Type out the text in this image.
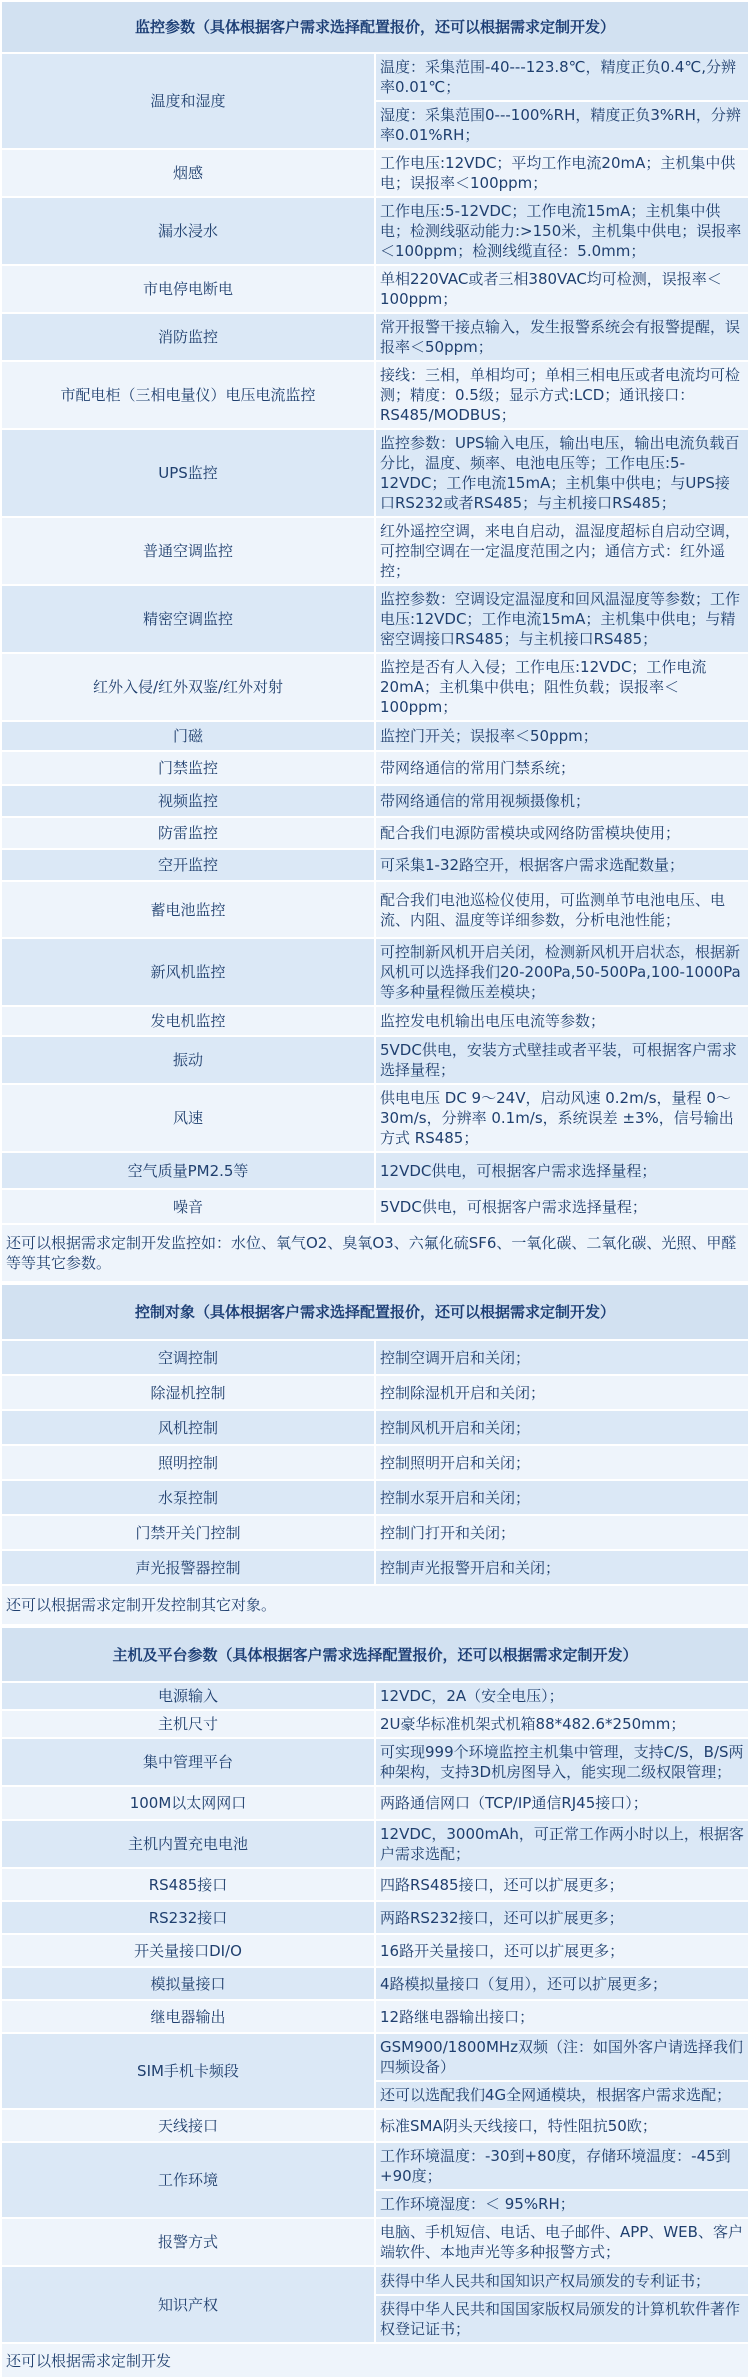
监控参数（具体根据客户需求选择配置报价，还可以根据需求定制开发）	
温度和湿度	温度：采集范围-40---123.8℃，精度正负0.4℃,分辨率0.01℃；
	湿度：采集范围0---100%RH，精度正负3%RH，分辨率0.01%RH；
烟感	工作电压:12VDC；平均工作电流20mA；主机集中供电；误报率＜100ppm；
漏水浸水	工作电压:5-12VDC；工作电流15mA；主机集中供电；检测线驱动能力:>150米，主机集中供电；误报率＜100ppm；检测线缆直径：5.0mm；
市电停电断电	单相220VAC或者三相380VAC均可检测，误报率＜100ppm；
消防监控	常开报警干接点输入，发生报警系统会有报警提醒，误报率＜50ppm；
市配电柜（三相电量仪）电压电流监控	接线：三相，单相均可；单相三相电压或者电流均可检测；精度：0.5级；显示方式:LCD；通讯接口：RS485/MODBUS；
UPS监控	监控参数：UPS输入电压，输出电压，输出电流负载百分比，温度、频率、电池电压等；工作电压:5-12VDC；工作电流15mA；主机集中供电；与UPS接口RS232或者RS485；与主机接口RS485；
普通空调监控	红外遥控空调，来电自启动，温湿度超标自启动空调，可控制空调在一定温度范围之内；通信方式：红外遥控；
精密空调监控	监控参数：空调设定温湿度和回风温湿度等参数；工作电压:12VDC；工作电流15mA；主机集中供电；与精密空调接口RS485；与主机接口RS485；
红外入侵/红外双鉴/红外对射	监控是否有人入侵；工作电压:12VDC；工作电流20mA；主机集中供电；阻性负载；误报率＜100ppm；
门磁	监控门开关；误报率＜50ppm；
门禁监控	带网络通信的常用门禁系统；
视频监控	带网络通信的常用视频摄像机；
防雷监控	配合我们电源防雷模块或网络防雷模块使用；
空开监控	可采集1-32路空开，根据客户需求选配数量；
蓄电池监控	配合我们电池巡检仪使用，可监测单节电池电压、电流、内阻、温度等详细参数，分析电池性能；
新风机监控	可控制新风机开启关闭，检测新风机开启状态，根据新风机可以选择我们20-200Pa,50-500Pa,100-1000Pa等多种量程微压差模块；
发电机监控	监控发电机输出电压电流等参数；
振动	5VDC供电，安装方式壁挂或者平装，可根据客户需求选择量程；
风速	供电电压 DC 9～24V，启动风速 0.2m/s，量程 0～30m/s，分辨率 0.1m/s，系统误差 ±3%，信号输出方式 RS485；
空气质量PM2.5等	12VDC供电，可根据客户需求选择量程；
噪音	5VDC供电，可根据客户需求选择量程；
还可以根据需求定制开发监控如：水位、氧气O2、臭氧O3、六氟化硫SF6、一氧化碳、二氧化碳、光照、甲醛等等其它参数。	
控制对象（具体根据客户需求选择配置报价，还可以根据需求定制开发）	
空调控制	控制空调开启和关闭；
除湿机控制	控制除湿机开启和关闭；
风机控制	控制风机开启和关闭；
照明控制	控制照明开启和关闭；
水泵控制	控制水泵开启和关闭；
门禁开关门控制	控制门打开和关闭；
声光报警器控制	控制声光报警开启和关闭；
还可以根据需求定制开发控制其它对象。	
主机及平台参数（具体根据客户需求选择配置报价，还可以根据需求定制开发）	
电源输入	12VDC，2A（安全电压）；
主机尺寸	2U豪华标准机架式机箱88*482.6*250mm；
集中管理平台	可实现999个环境监控主机集中管理，支持C/S，B/S两种架构，支持3D机房图导入，能实现二级权限管理；
100M以太网网口	两路通信网口（TCP/IP通信RJ45接口）；
主机内置充电电池	12VDC，3000mAh，可正常工作两小时以上，根据客户需求选配；
RS485接口	四路RS485接口，还可以扩展更多；
RS232接口	两路RS232接口，还可以扩展更多；
开关量接口DI/O	16路开关量接口，还可以扩展更多；
模拟量接口	4路模拟量接口（复用），还可以扩展更多；
继电器输出	12路继电器输出接口；
SIM手机卡频段	GSM900/1800MHz双频（注：如国外客户请选择我们四频设备）
	还可以选配我们4G全网通模块，根据客户需求选配；
天线接口	标准SMA阴头天线接口，特性阻抗50欧；
工作环境	工作环境温度：-30到+80度，存储环境温度：-45到+90度；
	工作环境湿度：＜ 95%RH；
报警方式	电脑、手机短信、电话、电子邮件、APP、WEB、客户端软件、本地声光等多种报警方式；
知识产权	获得中华人民共和国知识产权局颁发的专利证书；
	获得中华人民共和国国家版权局颁发的计算机软件著作权登记证书；
还可以根据需求定制开发	
